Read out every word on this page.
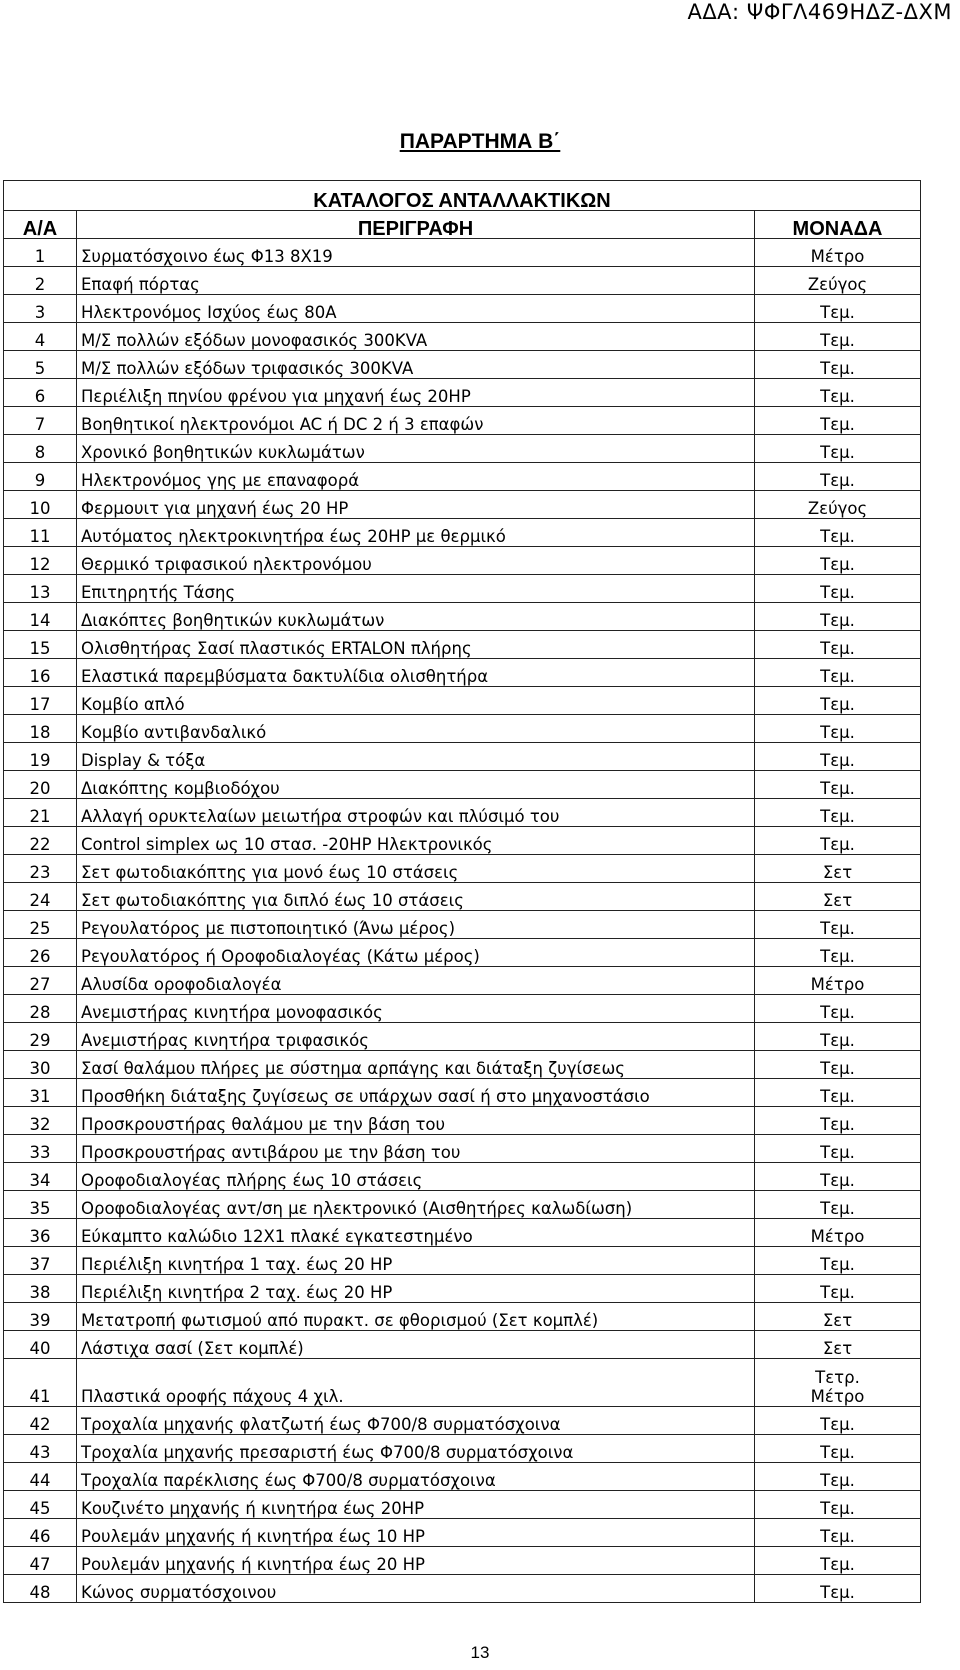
ΑΔΑ: ΨΦΓΛ469ΗΔΖ-ΔΧΜ
ΠΑΡΑΡΤΗΜΑ Β΄
ΚΑΤΑΛΟΓΟΣ ΑΝΤΑΛΛΑΚΤΙΚΩΝ		
Α/Α	ΠΕΡΙΓΡΑΦΗ	ΜΟΝΑΔΑ
1	Συρματόσχοινο έως Φ13 8Χ19	Μέτρο
2	Επαφή πόρτας	Ζεύγος
3	Ηλεκτρονόμος Ισχύος έως 80Α	Τεμ.
4	Μ/Σ πολλών εξόδων μονοφασικός 300KVA	Τεμ.
5	Μ/Σ πολλών εξόδων τριφασικός 300KVA	Τεμ.
6	Περιέλιξη πηνίου φρένου για μηχανή έως 20ΗΡ	Τεμ.
7	Βοηθητικοί ηλεκτρονόμοι AC ή DC 2 ή 3 επαφών	Τεμ.
8	Χρονικό βοηθητικών κυκλωμάτων	Τεμ.
9	Ηλεκτρονόμος γης με επαναφορά	Τεμ.
10	Φερμουιτ για μηχανή έως 20 ΗΡ	Ζεύγος
11	Αυτόματος ηλεκτροκινητήρα έως 20ΗΡ με θερμικό	Τεμ.
12	Θερμικό τριφασικού ηλεκτρονόμου	Τεμ.
13	Επιτηρητής Τάσης	Τεμ.
14	Διακόπτες βοηθητικών κυκλωμάτων	Τεμ.
15	Ολισθητήρας Σασί πλαστικός ERTALON πλήρης	Τεμ.
16	Ελαστικά παρεμβύσματα δακτυλίδια ολισθητήρα	Τεμ.
17	Κομβίο απλό	Τεμ.
18	Κομβίο αντιβανδαλικό	Τεμ.
19	Display & τόξα	Τεμ.
20	Διακόπτης κομβιοδόχου	Τεμ.
21	Αλλαγή ορυκτελαίων μειωτήρα στροφών και πλύσιμό του	Τεμ.
22	Control simplex ως 10 στασ. -20HP Ηλεκτρονικός	Τεμ.
23	Σετ φωτοδιακόπτης για μονό έως 10 στάσεις	Σετ
24	Σετ φωτοδιακόπτης για διπλό έως 10 στάσεις	Σετ
25	Ρεγουλατόρος με πιστοποιητικό (Άνω μέρος)	Τεμ.
26	Ρεγουλατόρος ή Οροφοδιαλογέας (Κάτω μέρος)	Τεμ.
27	Αλυσίδα οροφοδιαλογέα	Μέτρο
28	Ανεμιστήρας κινητήρα μονοφασικός	Τεμ.
29	Ανεμιστήρας κινητήρα τριφασικός	Τεμ.
30	Σασί θαλάμου πλήρες με σύστημα αρπάγης και διάταξη ζυγίσεως	Τεμ.
31	Προσθήκη διάταξης ζυγίσεως σε υπάρχων σασί ή στο μηχανοστάσιο	Τεμ.
32	Προσκρουστήρας θαλάμου με την βάση του	Τεμ.
33	Προσκρουστήρας αντιβάρου με την βάση του	Τεμ.
34	Οροφοδιαλογέας πλήρης έως 10 στάσεις	Τεμ.
35	Οροφοδιαλογέας αντ/ση με ηλεκτρονικό (Αισθητήρες καλωδίωση)	Τεμ.
36	Εύκαμπτο καλώδιο 12Χ1 πλακέ εγκατεστημένο	Μέτρο
37	Περιέλιξη κινητήρα 1 ταχ. έως 20 ΗΡ	Τεμ.
38	Περιέλιξη κινητήρα 2 ταχ. έως 20 ΗΡ	Τεμ.
39	Μετατροπή φωτισμού από πυρακτ. σε φθορισμού (Σετ κομπλέ)	Σετ
40	Λάστιχα σασί (Σετ κομπλέ)	Σετ
41	Πλαστικά οροφής πάχους 4 χιλ.	Τετρ.
Μέτρο

42	Τροχαλία μηχανής φλατζωτή έως Φ700/8 συρματόσχοινα	Τεμ.
43	Τροχαλία μηχανής πρεσαριστή έως Φ700/8 συρματόσχοινα	Τεμ.
44	Τροχαλία παρέκλισης έως Φ700/8 συρματόσχοινα	Τεμ.
45	Κουζινέτο μηχανής ή κινητήρα έως 20ΗΡ	Τεμ.
46	Ρουλεμάν μηχανής ή κινητήρα έως 10 ΗΡ	Τεμ.
47	Ρουλεμάν μηχανής ή κινητήρα έως 20 ΗΡ	Τεμ.
48	Κώνος συρματόσχοινου	Τεμ.
13
